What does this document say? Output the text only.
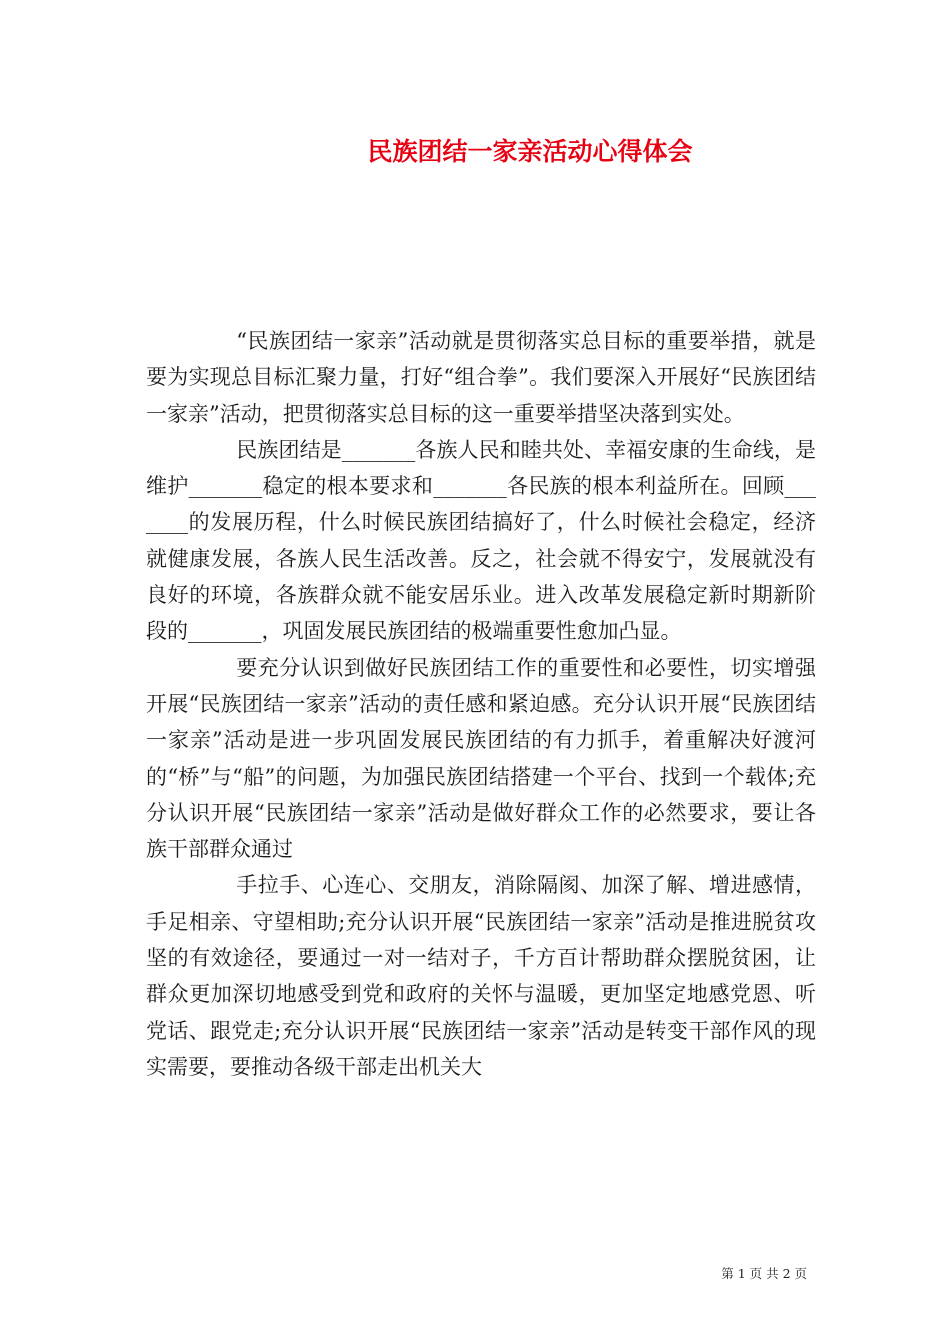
民族团结一家亲活动心得体会

“民族团结一家亲”活动就是贯彻落实总目标的重要举措，就是要为实现总目标汇聚力量，打好“组合拳”。我们要深入开展好“民族团结一家亲”活动，把贯彻落实总目标的这一重要举措坚决落到实处。

民族团结是_______各族人民和睦共处、幸福安康的生命线，是维护_______稳定的根本要求和_______各民族的根本利益所在。回顾_______的发展历程，什么时候民族团结搞好了，什么时候社会稳定，经济就健康发展，各族人民生活改善。反之，社会就不得安宁，发展就没有良好的环境，各族群众就不能安居乐业。进入改革发展稳定新时期新阶段的_______，巩固发展民族团结的极端重要性愈加凸显。

要充分认识到做好民族团结工作的重要性和必要性，切实增强开展“民族团结一家亲”活动的责任感和紧迫感。充分认识开展“民族团结一家亲”活动是进一步巩固发展民族团结的有力抓手，着重解决好渡河的“桥”与“船”的问题，为加强民族团结搭建一个平台、找到一个载体;充分认识开展“民族团结一家亲”活动是做好群众工作的必然要求，要让各族干部群众通过

手拉手、心连心、交朋友，消除隔阂、加深了解、增进感情，手足相亲、守望相助;充分认识开展“民族团结一家亲”活动是推进脱贫攻坚的有效途径，要通过一对一结对子，千方百计帮助群众摆脱贫困，让群众更加深切地感受到党和政府的关怀与温暖，更加坚定地感党恩、听党话、跟党走;充分认识开展“民族团结一家亲”活动是转变干部作风的现实需要，要推动各级干部走出机关大

第 1 页 共 2 页
